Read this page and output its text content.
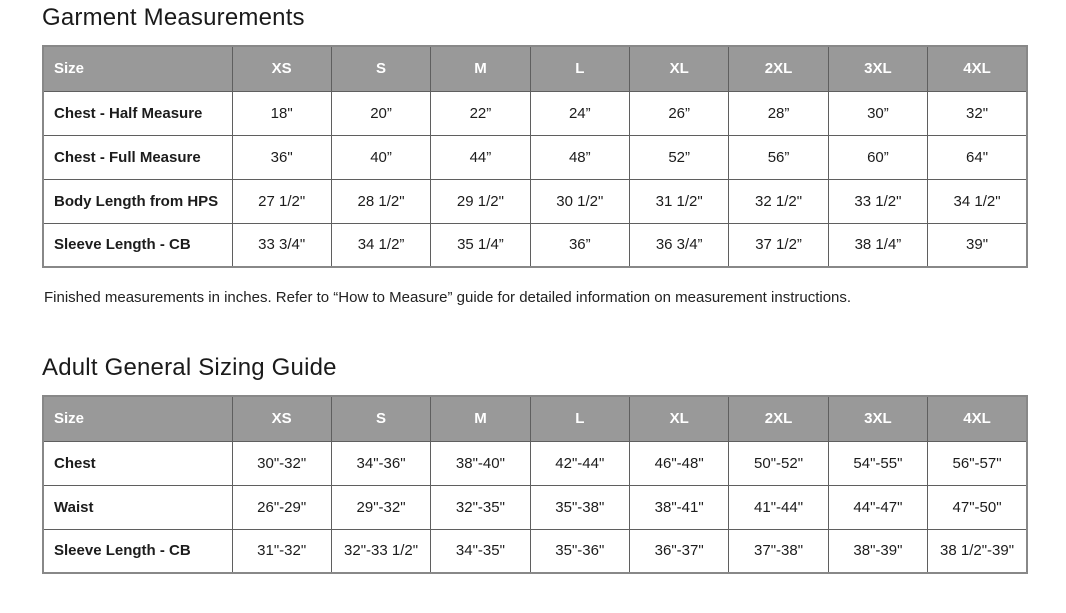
Garment Measurements
Size	XS	S	M	L	XL	2XL	3XL	4XL
Chest - Half Measure	18"	20”	22”	24”	26”	28”	30”	32"
Chest - Full Measure	36"	40”	44”	48”	52”	56”	60”	64"
Body Length from HPS	27 1/2"	28 1/2"	29 1/2"	30 1/2"	31 1/2"	32 1/2"	33 1/2"	34 1/2"
Sleeve Length - CB	33 3/4"	34 1/2”	35 1/4”	36”	36 3/4”	37 1/2”	38 1/4”	39"

Finished measurements in inches. Refer to “How to Measure” guide for detailed information on measurement instructions.

Adult General Sizing Guide
Size	XS	S	M	L	XL	2XL	3XL	4XL
Chest	30"-32"	34"-36"	38"-40"	42"-44"	46"-48"	50"-52"	54"-55"	56"-57"
Waist	26"-29"	29"-32"	32"-35"	35"-38"	38"-41"	41"-44"	44"-47"	47"-50"
Sleeve Length - CB	31"-32"	32"-33 1/2"	34"-35"	35"-36"	36"-37"	37"-38"	38"-39"	38 1/2"-39"
